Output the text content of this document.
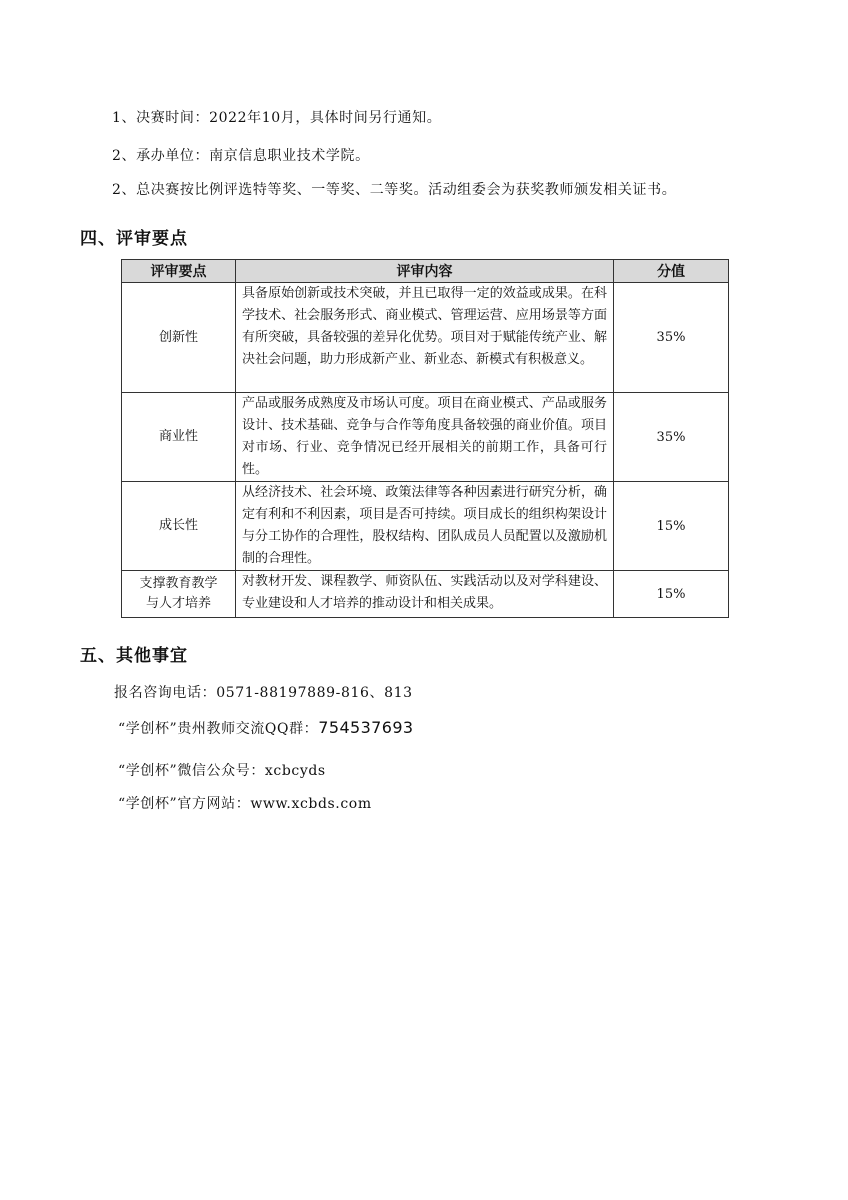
1、决赛时间：2022年10月，具体时间另行通知。

2、承办单位：南京信息职业技术学院。

2、总决赛按比例评选特等奖、一等奖、二等奖。活动组委会为获奖教师颁发相关证书。

四、评审要点
评审要点	评审内容	分值
创新性	具备原始创新或技术突破，并且已取得一定的效益或成果。在科学技术、社会服务形式、商业模式、管理运营、应用场景等方面有所突破，具备较强的差异化优势。项目对于赋能传统产业、解决社会问题，助力形成新产业、新业态、新模式有积极意义。	35%
商业性	产品或服务成熟度及市场认可度。项目在商业模式、产品或服务设计、技术基础、竞争与合作等角度具备较强的商业价值。项目对市场、行业、竞争情况已经开展相关的前期工作，具备可行性。	35%
成长性	从经济技术、社会环境、政策法律等各种因素进行研究分析，确定有利和不利因素，项目是否可持续。项目成长的组织构架设计与分工协作的合理性，股权结构、团队成员人员配置以及激励机制的合理性。	15%
支撑教育教学
与人才培养	对教材开发、课程教学、师资队伍、实践活动以及对学科建设、专业建设和人才培养的推动设计和相关成果。	15%
五、其他事宜

报名咨询电话：0571-88197889-816、813

“学创杯”贵州教师交流QQ群：754537693

“学创杯”微信公众号：xcbcyds

“学创杯”官方网站：www.xcbds.com
